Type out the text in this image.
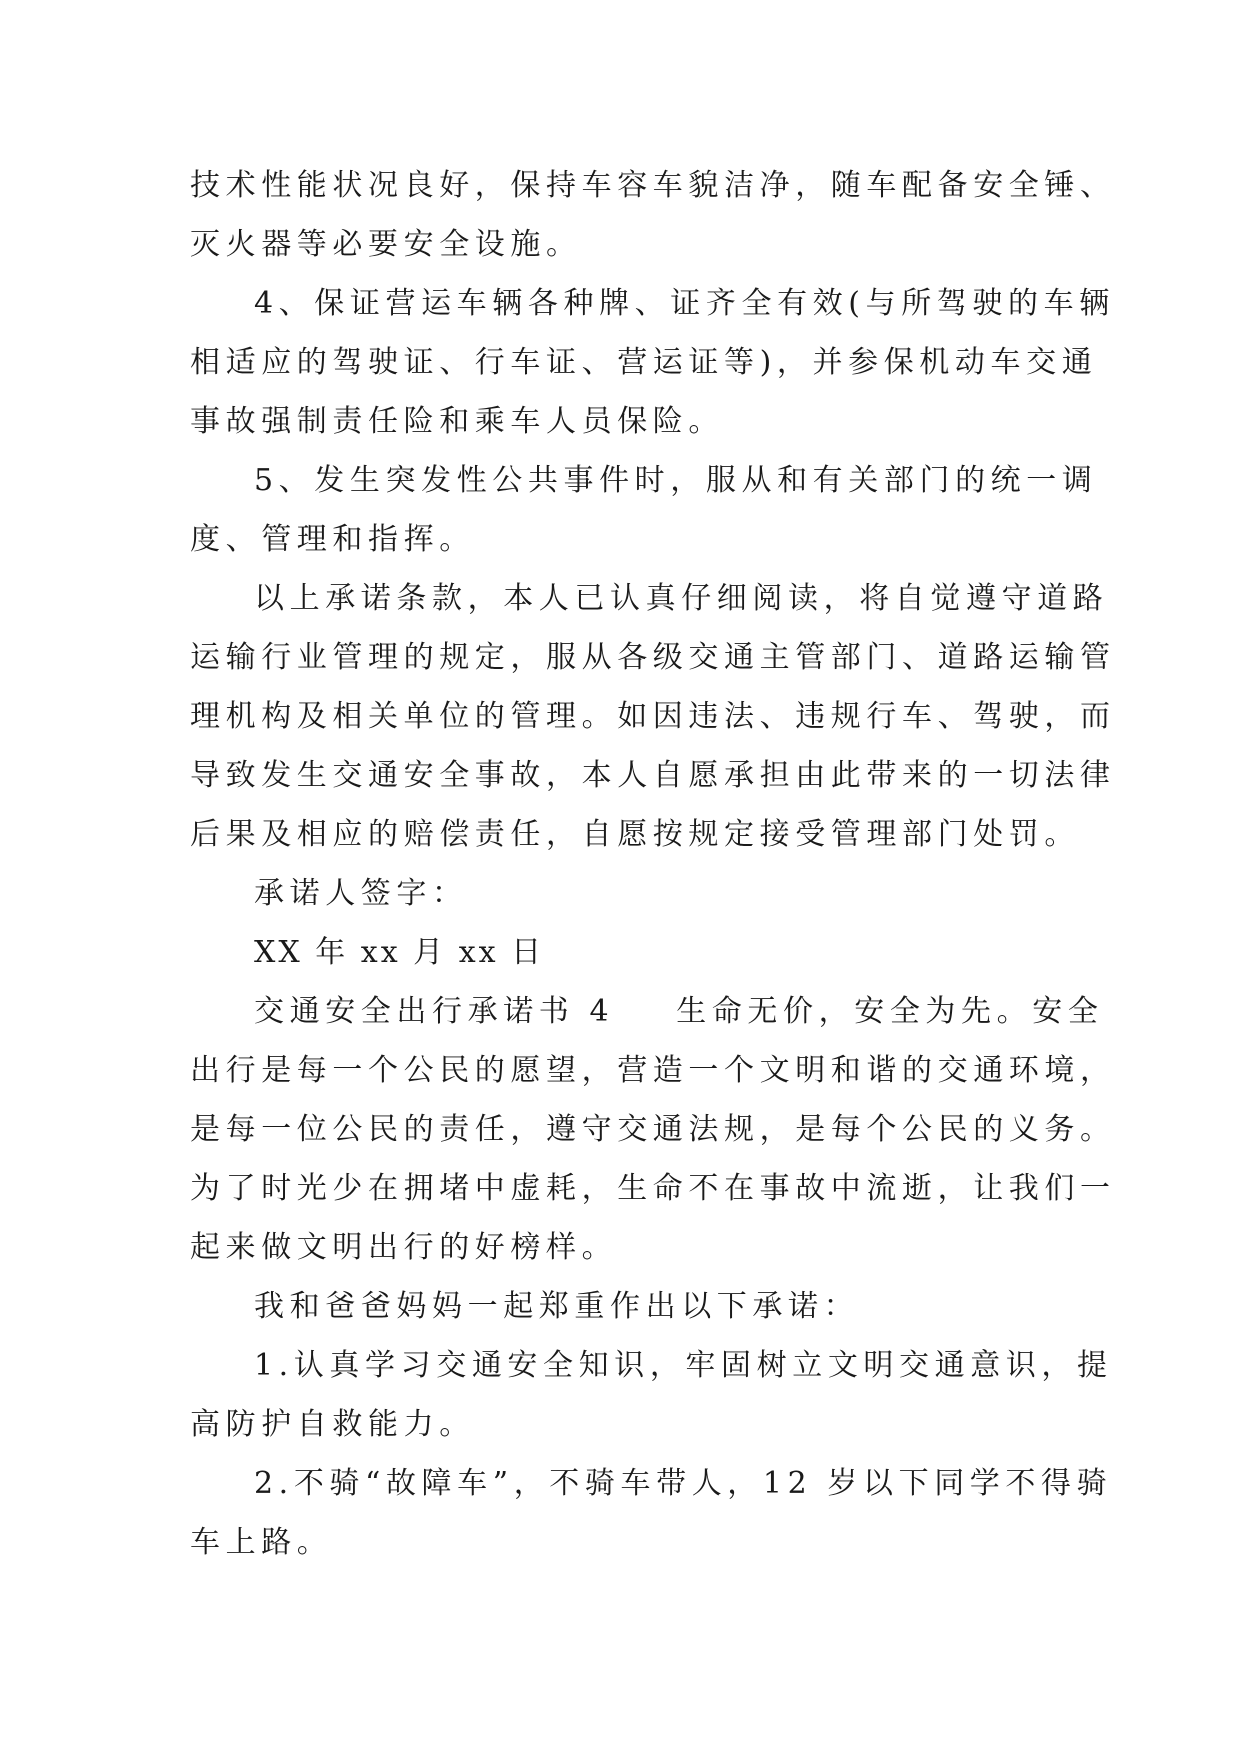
技术性能状况良好，保持车容车貌洁净，随车配备安全锤、
灭火器等必要安全设施。
4、保证营运车辆各种牌、证齐全有效(与所驾驶的车辆
相适应的驾驶证、行车证、营运证等)，并参保机动车交通
事故强制责任险和乘车人员保险。
5、发生突发性公共事件时，服从和有关部门的统一调
度、管理和指挥。
以上承诺条款，本人已认真仔细阅读，将自觉遵守道路
运输行业管理的规定，服从各级交通主管部门、道路运输管
理机构及相关单位的管理。如因违法、违规行车、驾驶，而
导致发生交通安全事故，本人自愿承担由此带来的一切法律
后果及相应的赔偿责任，自愿按规定接受管理部门处罚。
承诺人签字：
XX 年 xx 月 xx 日
交通安全出行承诺书 4 生命无价，安全为先。安全
出行是每一个公民的愿望，营造一个文明和谐的交通环境，
是每一位公民的责任，遵守交通法规，是每个公民的义务。
为了时光少在拥堵中虚耗，生命不在事故中流逝，让我们一
起来做文明出行的好榜样。
我和爸爸妈妈一起郑重作出以下承诺：
1.认真学习交通安全知识，牢固树立文明交通意识，提
高防护自救能力。
2.不骑“故障车”，不骑车带人，12 岁以下同学不得骑
车上路。
